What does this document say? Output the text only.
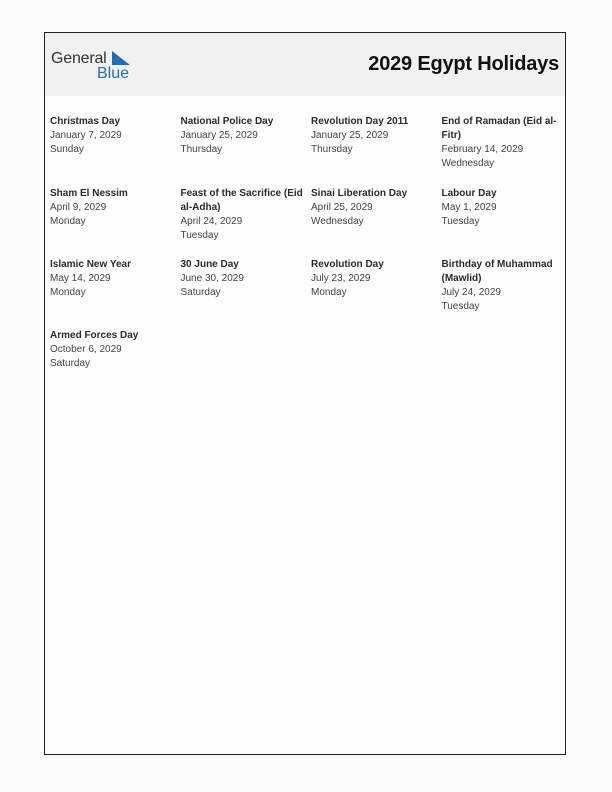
General
Blue	2029 Egypt Holidays
Christmas Day
January 7, 2029
Sunday
National Police Day
January 25, 2029
Thursday
Revolution Day 2011
January 25, 2029
Thursday
End of Ramadan (Eid al-Fitr)
February 14, 2029
Wednesday
Sham El Nessim
April 9, 2029
Monday
Feast of the Sacrifice (Eid al-Adha)
April 24, 2029
Tuesday
Sinai Liberation Day
April 25, 2029
Wednesday
Labour Day
May 1, 2029
Tuesday
Islamic New Year
May 14, 2029
Monday
30 June Day
June 30, 2029
Saturday
Revolution Day
July 23, 2029
Monday
Birthday of Muhammad (Mawlid)
July 24, 2029
Tuesday
Armed Forces Day
October 6, 2029
Saturday
